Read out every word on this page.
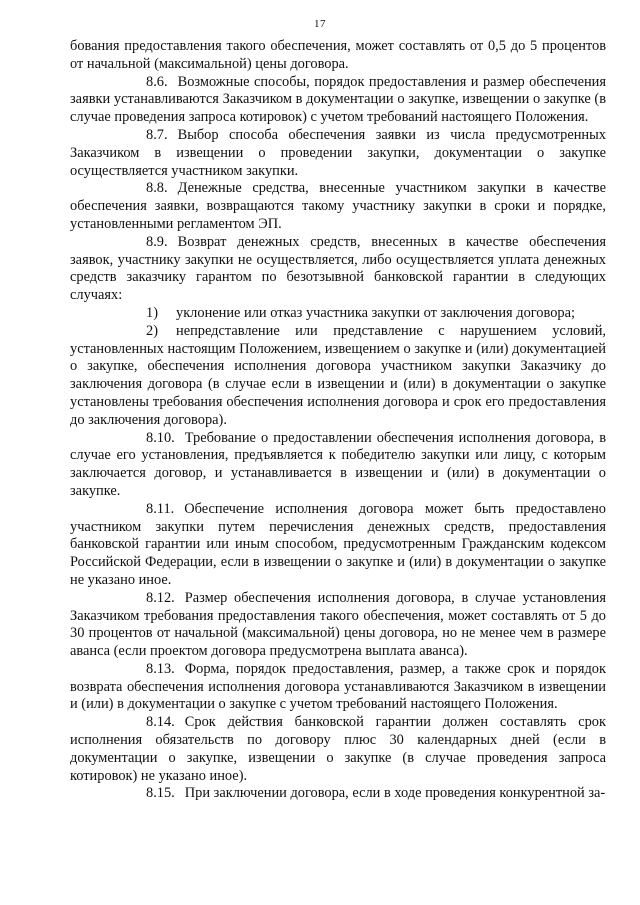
17

бования предоставления такого обеспечения, может составлять от 0,5 до 5 процентов от начальной (максимальной) цены договора.

8.6. Возможные способы, порядок предоставления и размер обеспечения заявки устанавливаются Заказчиком в документации о закупке, извещении о закупке (в случае проведения запроса котировок) с учетом требований настоящего Положения.

8.7. Выбор способа обеспечения заявки из числа предусмотренных Заказчиком в извещении о проведении закупки, документации о закупке осуществляется участником закупки.

8.8. Денежные средства, внесенные участником закупки в качестве обеспечения заявки, возвращаются такому участнику закупки в сроки и порядке, установленными регламентом ЭП.

8.9. Возврат денежных средств, внесенных в качестве обеспечения заявок, участнику закупки не осуществляется, либо осуществляется уплата денежных средств заказчику гарантом по безотзывной банковской гарантии в следующих случаях:

1) уклонение или отказ участника закупки от заключения договора;

2) непредставление или представление с нарушением условий, установленных настоящим Положением, извещением о закупке и (или) документацией о закупке, обеспечения исполнения договора участником закупки Заказчику до заключения договора (в случае если в извещении и (или) в документации о закупке установлены требования обеспечения исполнения договора и срок его предоставления до заключения договора).

8.10. Требование о предоставлении обеспечения исполнения договора, в случае его установления, предъявляется к победителю закупки или лицу, с которым заключается договор, и устанавливается в извещении и (или) в документации о закупке.

8.11. Обеспечение исполнения договора может быть предоставлено участником закупки путем перечисления денежных средств, предоставления банковской гарантии или иным способом, предусмотренным Гражданским кодексом Российской Федерации, если в извещении о закупке и (или) в документации о закупке не указано иное.

8.12. Размер обеспечения исполнения договора, в случае установления Заказчиком требования предоставления такого обеспечения, может составлять от 5 до 30 процентов от начальной (максимальной) цены договора, но не менее чем в размере аванса (если проектом договора предусмотрена выплата аванса).

8.13. Форма, порядок предоставления, размер, а также срок и порядок возврата обеспечения исполнения договора устанавливаются Заказчиком в извещении и (или) в документации о закупке с учетом требований настоящего Положения.

8.14. Срок действия банковской гарантии должен составлять срок исполнения обязательств по договору плюс 30 календарных дней (если в документации о закупке, извещении о закупке (в случае проведения запроса котировок) не указано иное).

8.15. При заключении договора, если в ходе проведения конкурентной за-
